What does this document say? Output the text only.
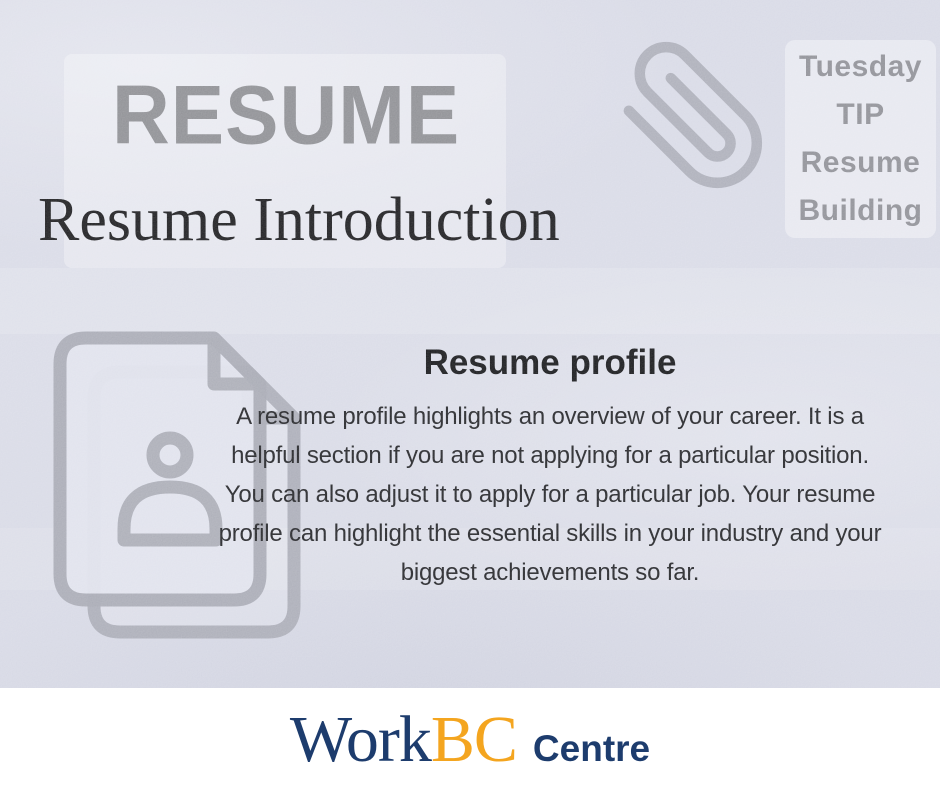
RESUME
Resume Introduction
Tuesday
TIP
Resume
Building
Resume profile
A resume profile highlights an overview of your career. It is a
helpful section if you are not applying for a particular position.
You can also adjust it to apply for a particular job. Your resume
profile can highlight the essential skills in your industry and your
biggest achievements so far.
WorkBC Centre
